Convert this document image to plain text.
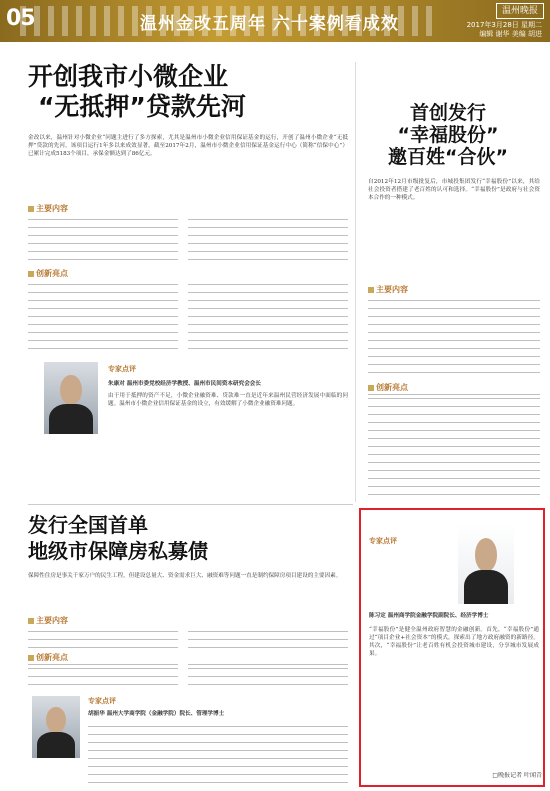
05	温州金改五周年 六十案例看成效
温州晚报
2017年3月28日 星期二
编辑 谢华 美编 胡进
开创我市小微企业
“无抵押”贷款先河
金改以来，温州针对小微企业“问题主进行了多方探索，尤其是温州市小微企业信用保证基金的运行，开创了温州小微企业“无抵押”贷款的先河。该项目运行1年多以来成效显著，截至2017年2月，温州市小微企业信用保证基金运行中心（简称“信保中心”）已累计完成5183个项目，承保金额达到了86亿元。
主要内容
创新亮点
专家点评
朱康对 温州市委党校经济学教授、温州市民间资本研究会会长
由于用于抵押的资产不足，小微企业融资难、贷款难一直是近年来温州民营经济发展中面临的问题。温州市小微企业信用保证基金的设立，有效缓解了小微企业融资难问题。
首创发行
“幸福股份”
邀百姓“合伙”
自2012年12月市级批复后，市城投集团发行“幸福股份”以来，其给社会投资者搭建了老百姓的认可和选择。“幸福股份”是政府与社会资本合作的一种模式。
主要内容
创新亮点
发行全国首单
地级市保障房私募债
保障性住房是事关千家万户的民生工程，但建设总量大、资金需求巨大、融资难等问题一直是制约保障房项目建设的主要因素。
主要内容
创新亮点
专家点评
胡振华 温州大学商学院（金融学院）院长、管理学博士
专家点评
陈习定 温州商学院金融学院副院长、经济学博士
“幸福股份”是健全温州政府智慧的金融创新。首先，“幸福股份”通过“项目企业+社会资本”的模式，探索出了地方政府融资的新路径。其次，“幸福股份”让老百姓有机会投资城市建设，分享城市发展成果。
□晚报记者 叶闻青
